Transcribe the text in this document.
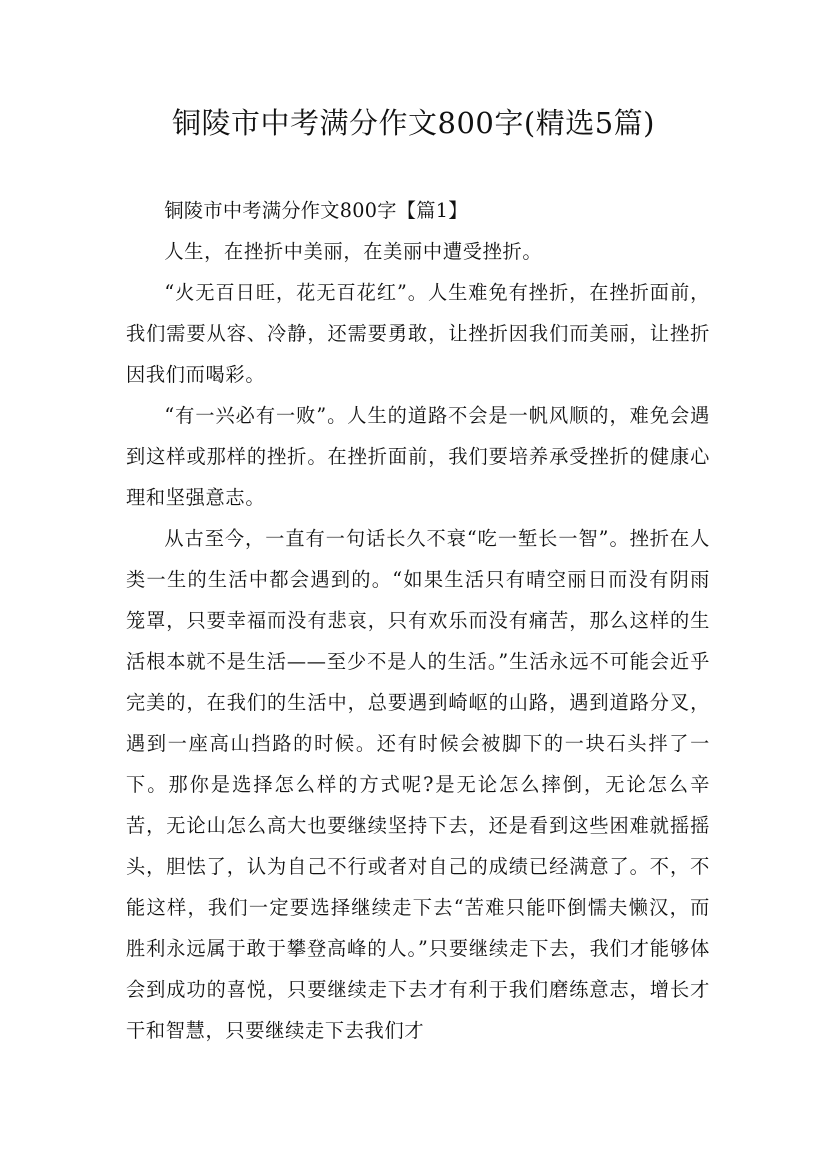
铜陵市中考满分作文800字(精选5篇)

铜陵市中考满分作文800字【篇1】

人生，在挫折中美丽，在美丽中遭受挫折。

“火无百日旺，花无百花红”。人生难免有挫折，在挫折面前，我们需要从容、冷静，还需要勇敢，让挫折因我们而美丽，让挫折因我们而喝彩。

“有一兴必有一败”。人生的道路不会是一帆风顺的，难免会遇到这样或那样的挫折。在挫折面前，我们要培养承受挫折的健康心理和坚强意志。

从古至今，一直有一句话长久不衰“吃一堑长一智”。挫折在人类一生的生活中都会遇到的。“如果生活只有晴空丽日而没有阴雨笼罩，只要幸福而没有悲哀，只有欢乐而没有痛苦，那么这样的生活根本就不是生活——至少不是人的生活。”生活永远不可能会近乎完美的，在我们的生活中，总要遇到崎岖的山路，遇到道路分叉，遇到一座高山挡路的时候。还有时候会被脚下的一块石头拌了一下。那你是选择怎么样的方式呢?是无论怎么摔倒，无论怎么辛苦，无论山怎么高大也要继续坚持下去，还是看到这些困难就摇摇头，胆怯了，认为自己不行或者对自己的成绩已经满意了。不，不能这样，我们一定要选择继续走下去“苦难只能吓倒懦夫懒汉，而胜利永远属于敢于攀登高峰的人。”只要继续走下去，我们才能够体会到成功的喜悦，只要继续走下去才有利于我们磨练意志，增长才干和智慧，只要继续走下去我们才
